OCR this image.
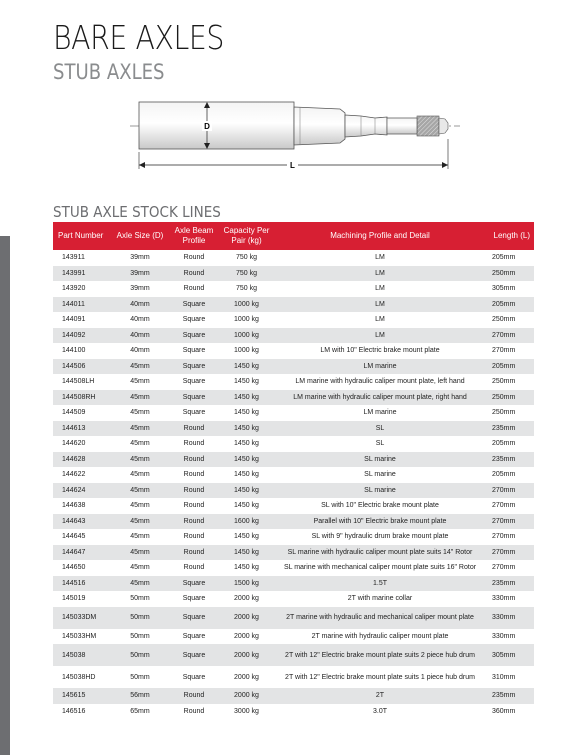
BARE AXLES
STUB AXLES
D
L
STUB AXLE STOCK LINES
Part Number	Axle Size (D)	Axle Beam Profile	Capacity Per Pair (kg)	Machining Profile and Detail	Length (L)
143911	39mm	Round	750 kg	LM	205mm
143991	39mm	Round	750 kg	LM	250mm
143920	39mm	Round	750 kg	LM	305mm
144011	40mm	Square	1000 kg	LM	205mm
144091	40mm	Square	1000 kg	LM	250mm
144092	40mm	Square	1000 kg	LM	270mm
144100	40mm	Square	1000 kg	LM with 10" Electric brake mount plate	270mm
144506	45mm	Square	1450 kg	LM marine	205mm
144508LH	45mm	Square	1450 kg	LM marine with hydraulic caliper mount plate, left hand	250mm
144508RH	45mm	Square	1450 kg	LM marine with hydraulic caliper mount plate, right hand	250mm
144509	45mm	Square	1450 kg	LM marine	250mm
144613	45mm	Round	1450 kg	SL	235mm
144620	45mm	Round	1450 kg	SL	205mm
144628	45mm	Round	1450 kg	SL marine	235mm
144622	45mm	Round	1450 kg	SL marine	205mm
144624	45mm	Round	1450 kg	SL marine	270mm
144638	45mm	Round	1450 kg	SL with 10" Electric brake mount plate	270mm
144643	45mm	Round	1600 kg	Parallel with 10" Electric brake mount plate	270mm
144645	45mm	Round	1450 kg	SL with 9" hydraulic drum brake mount plate	270mm
144647	45mm	Round	1450 kg	SL marine with hydraulic caliper mount plate suits 14" Rotor	270mm
144650	45mm	Round	1450 kg	SL marine with mechanical caliper mount plate suits 16" Rotor	270mm
144516	45mm	Square	1500 kg	1.5T	235mm
145019	50mm	Square	2000 kg	2T with marine collar	330mm
145033DM	50mm	Square	2000 kg	2T marine with hydraulic and mechanical caliper mount plate	330mm
145033HM	50mm	Square	2000 kg	2T marine with hydraulic caliper mount plate	330mm
145038	50mm	Square	2000 kg	2T with 12" Electric brake mount plate suits 2 piece hub drum	305mm
145038HD	50mm	Square	2000 kg	2T with 12" Electric brake mount plate suits 1 piece hub drum	310mm
145615	56mm	Round	2000 kg	2T	235mm
146516	65mm	Round	3000 kg	3.0T	360mm
